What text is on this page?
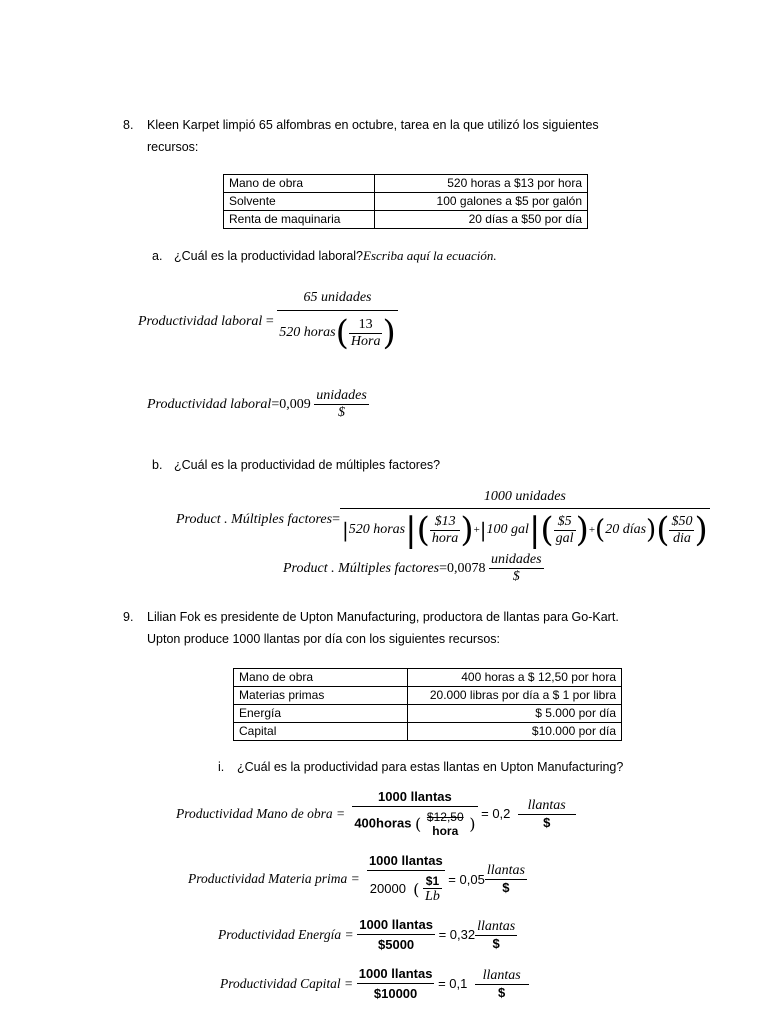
8. Kleen Karpet limpió 65 alfombras en octubre, tarea en la que utilizó los siguientes
recursos:
Mano de obra	520 horas a $13 por hora
Solvente	100 galones a $5 por galón
Renta de maquinaria	20 días a $50 por día
a. ¿Cuál es la productividad laboral?Escriba aquí la ecuación.
Productividad laboral =
65 unidades
520 horas ( $\frac{13}{\text{Hora}}$ )
Productividad laboral = 0,009
$\frac{\text{unidades}}{\$}$
b. ¿Cuál es la productividad de múltiples factores?
Product . Múltiples factores =
1000 unidades
| 520 horas |( $\frac{\$13}{\text{hora}}$ ) + | 100 gal |( $\frac{\$5}{\text{gal}}$ ) + ( 20 días ) ( $\frac{\$50}{\text{dia}}$ )
Product . Múltiples factores = 0,0078
$\frac{\text{unidades}}{\$}$
9. Lilian Fok es presidente de Upton Manufacturing, productora de llantas para Go-Kart.
Upton produce 1000 llantas por día con los siguientes recursos:
Mano de obra	400 horas a $ 12,50 por hora
Materias primas	20.000 libras por día a $ 1 por libra
Energía	$ 5.000 por día
Capital	$10.000 por día
i. ¿Cuál es la productividad para estas llantas en Upton Manufacturing?
Productividad Mano de obra =

1000 llantas
400horas ( $12,50
hora )

= 0,2
$\frac{\text{llantas}}{\$}$
Productividad Materia prima =
$\frac{\text{1000 llantas}}{20000 ( \frac{\$1}{Lb}}$
= $0,05 \frac{\text{llantas}}{\$}$
Productividad Energía =
$\frac{\text{1000 llantas}}{\$5000}$
= $0,32 \frac{\text{llantas}}{\$}$
Productividad Capital =
$\frac{\text{1000 llantas}}{\$10000}$
= 0,1
$\frac{\text{llantas}}{\$}$
